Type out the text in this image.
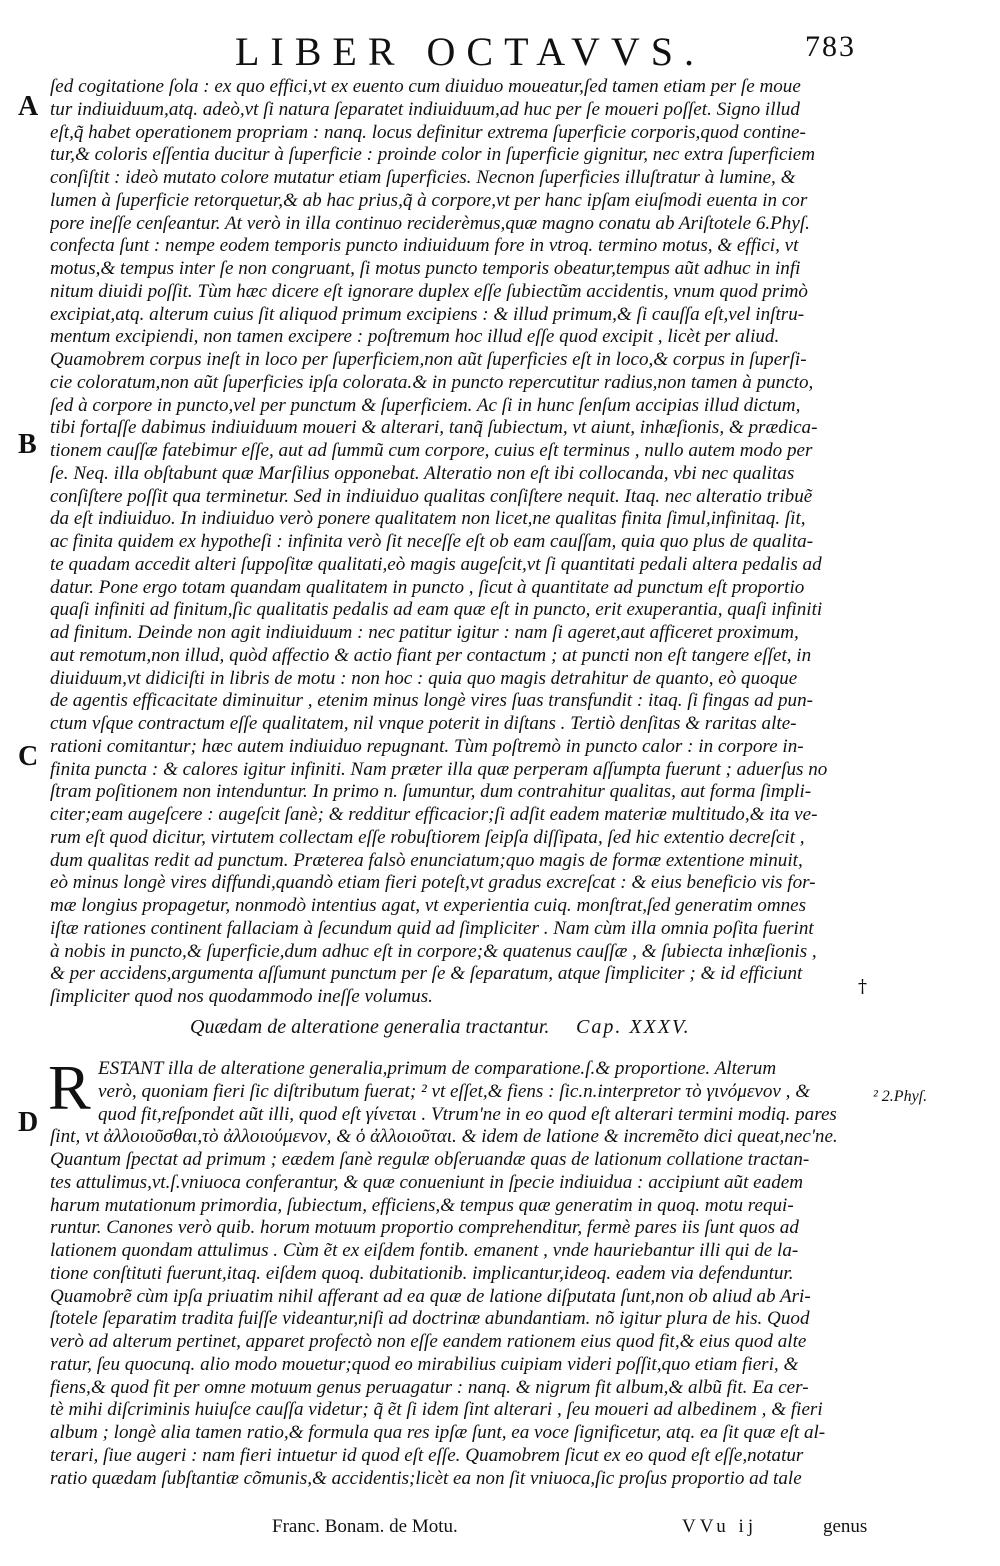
LIBER OCTAVVS.	783
A
B
C
D
ſed cogitatione ſola : ex quo effici,vt ex euento cum diuiduo moueatur,ſed tamen etiam per ſe moue
tur indiuiduum,atq. adeò,vt ſi natura ſeparatet indiuiduum,ad huc per ſe moueri poſſet. Signo illud
eſt,q̃ habet operationem propriam : nanq. locus definitur extrema ſuperficie corporis,quod contine-
tur,& coloris eſſentia ducitur à ſuperficie : proinde color in ſuperficie gignitur, nec extra ſuperficiem
conſiſtit : ideò mutato colore mutatur etiam ſuperficies. Necnon ſuperficies illuſtratur à lumine, &
lumen à ſuperficie retorquetur,& ab hac prius,q̃ à corpore,vt per hanc ipſam eiuſmodi euenta in cor
pore ineſſe cenſeantur. At verò in illa continuo reciderèmus,quæ magno conatu ab Ariſtotele 6.Phyſ.
confecta ſunt : nempe eodem temporis puncto indiuiduum fore in vtroq. termino motus, & effici, vt
motus,& tempus inter ſe non congruant, ſi motus puncto temporis obeatur,tempus aũt adhuc in infi
nitum diuidi poſſit. Tùm hæc dicere eſt ignorare duplex eſſe ſubiectũm accidentis, vnum quod primò
excipiat,atq. alterum cuius ſit aliquod primum excipiens : & illud primum,& ſi cauſſa eſt,vel inſtru-
mentum excipiendi, non tamen excipere : poſtremum hoc illud eſſe quod excipit , licèt per aliud.
Quamobrem corpus ineſt in loco per ſuperficiem,non aũt ſuperficies eſt in loco,& corpus in ſuperſi-
cie coloratum,non aũt ſuperficies ipſa colorata.& in puncto repercutitur radius,non tamen à puncto,
ſed à corpore in puncto,vel per punctum & ſuperficiem. Ac ſi in hunc ſenſum accipias illud dictum,
tibi fortaſſe dabimus indiuiduum moueri & alterari, tanq̃ ſubiectum, vt aiunt, inhæſionis, & prædica-
tionem cauſſæ fatebimur eſſe, aut ad ſummũ cum corpore, cuius eſt terminus , nullo autem modo per
ſe. Neq. illa obſtabunt quæ Marſilius opponebat. Alteratio non eſt ibi collocanda, vbi nec qualitas
conſiſtere poſſit qua terminetur. Sed in indiuiduo qualitas conſiſtere nequit. Itaq. nec alteratio tribuẽ
da eſt indiuiduo. In indiuiduo verò ponere qualitatem non licet,ne qualitas finita ſimul,infinitaq. ſit,
ac finita quidem ex hypotheſi : infinita verò ſit neceſſe eſt ob eam cauſſam, quia quo plus de qualita-
te quadam accedit alteri ſuppoſitæ qualitati,eò magis augeſcit,vt ſi quantitati pedali altera pedalis ad
datur. Pone ergo totam quandam qualitatem in puncto , ſicut à quantitate ad punctum eſt proportio
quaſi infiniti ad finitum,ſic qualitatis pedalis ad eam quæ eſt in puncto, erit exuperantia, quaſi infiniti
ad finitum. Deinde non agit indiuiduum : nec patitur igitur : nam ſi ageret,aut afficeret proximum,
aut remotum,non illud, quòd affectio & actio fiant per contactum ; at puncti non eſt tangere eſſet, in
diuiduum,vt didiciſti in libris de motu : non hoc : quia quo magis detrahitur de quanto, eò quoque
de agentis efficacitate diminuitur , etenim minus longè vires ſuas transfundit : itaq. ſi fingas ad pun-
ctum vſque contractum eſſe qualitatem, nil vnque poterit in diſtans . Tertiò denſitas & raritas alte-
rationi comitantur; hæc autem indiuiduo repugnant. Tùm poſtremò in puncto calor : in corpore in-
finita puncta : & calores igitur infiniti. Nam præter illa quæ perperam aſſumpta fuerunt ; aduerſus no
ſtram poſitionem non intenduntur. In primo n. ſumuntur, dum contrahitur qualitas, aut forma ſimpli-
citer;eam augeſcere : augeſcit ſanè; & redditur efficacior;ſi adſit eadem materiæ multitudo,& ita ve-
rum eſt quod dicitur, virtutem collectam eſſe robuſtiorem ſeipſa diſſipata, ſed hic extentio decreſcit ,
dum qualitas redit ad punctum. Præterea falsò enunciatum;quo magis de formæ extentione minuit,
eò minus longè vires diffundi,quandò etiam fieri poteſt,vt gradus excreſcat : & eius beneficio vis for-
mæ longius propagetur, nonmodò intentius agat, vt experientia cuiq. monſtrat,ſed generatim omnes
iſtæ rationes continent fallaciam à ſecundum quid ad ſimpliciter . Nam cùm illa omnia poſita fuerint
à nobis in puncto,& ſuperficie,dum adhuc eſt in corpore;& quatenus cauſſæ , & ſubiecta inhæſionis ,
& per accidens,argumenta aſſumunt punctum per ſe & ſeparatum, atque ſimpliciter ; & id efficiunt
ſimpliciter quod nos quodammodo ineſſe volumus.	†
Quædam de alteratione generalia tractantur. Cap. XXXV.
R ESTANT illa de alteratione generalia,primum de comparatione.ſ.& proportione. Alterum
verò, quoniam fieri ſic diſtributum fuerat; ² vt eſſet,& fiens : ſic.n.interpretor τὸ γινόμενον , &
quod fit,reſpondet aũt illi, quod eſt γίνεται . Vtrum'ne in eo quod eſt alterari termini modiq. pares
ſint, vt ἀλλοιοῦσθαι,τὸ ἀλλοιούμενον, & ὁ ἀλλοιοῦται. & idem de latione & incremẽto dici queat,nec'ne.
Quantum ſpectat ad primum ; eædem ſanè regulæ obſeruandæ quas de lationum collatione tractan-
tes attulimus,vt.ſ.vniuoca conferantur, & quæ conueniunt in ſpecie indiuidua : accipiunt aũt eadem
harum mutationum primordia, ſubiectum, efficiens,& tempus quæ generatim in quoq. motu requi-
runtur. Canones verò quib. horum motuum proportio comprehenditur, fermè pares iis ſunt quos ad
lationem quondam attulimus . Cùm ẽt ex eiſdem fontib. emanent , vnde hauriebantur illi qui de la-
tione conſtituti fuerunt,itaq. eiſdem quoq. dubitationib. implicantur,ideoq. eadem via defenduntur.
Quamobrẽ cùm ipſa priuatim nihil afferant ad ea quæ de latione diſputata ſunt,non ob aliud ab Ari-
ſtotele ſeparatim tradita fuiſſe videantur,niſi ad doctrinæ abundantiam. nõ igitur plura de his. Quod
verò ad alterum pertinet, apparet profectò non eſſe eandem rationem eius quod fit,& eius quod alte
ratur, ſeu quocunq. alio modo mouetur;quod eo mirabilius cuipiam videri poſſit,quo etiam fieri, &
fiens,& quod fit per omne motuum genus peruagatur : nanq. & nigrum fit album,& albũ fit. Ea cer-
tè mihi diſcriminis huiuſce cauſſa videtur; q̃ ẽt ſi idem ſint alterari , ſeu moueri ad albedinem , & fieri
album ; longè alia tamen ratio,& formula qua res ipſæ ſunt, ea voce ſignificetur, atq. ea ſit quæ eſt al-
terari, ſiue augeri : nam fieri intuetur id quod eſt eſſe. Quamobrem ſicut ex eo quod eſt eſſe,notatur
ratio quædam ſubſtantiæ cõmunis,& accidentis;licèt ea non ſit vniuoca,ſic proſus proportio ad tale
² 2.Phyſ.
Franc. Bonam. de Motu.	VVu ij	genus
